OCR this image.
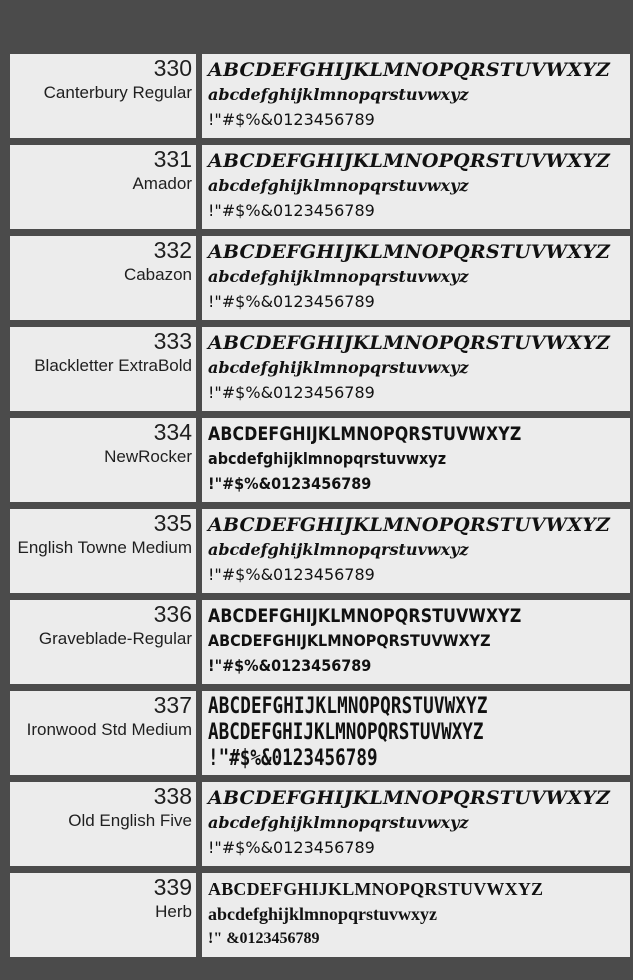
330
Canterbury Regular
ABCDEFGHIJKLMNOPQRSTUVWXYZ
abcdefghijklmnopqrstuvwxyz
!"#$%&0123456789
331
Amador
ABCDEFGHIJKLMNOPQRSTUVWXYZ
abcdefghijklmnopqrstuvwxyz
!"#$%&0123456789
332
Cabazon
ABCDEFGHIJKLMNOPQRSTUVWXYZ
abcdefghijklmnopqrstuvwxyz
!"#$%&0123456789
333
Blackletter ExtraBold
ABCDEFGHIJKLMNOPQRSTUVWXYZ
abcdefghijklmnopqrstuvwxyz
!"#$%&0123456789
334
NewRocker
ABCDEFGHIJKLMNOPQRSTUVWXYZ
abcdefghijklmnopqrstuvwxyz
!"#$%&0123456789
335
English Towne Medium
ABCDEFGHIJKLMNOPQRSTUVWXYZ
abcdefghijklmnopqrstuvwxyz
!"#$%&0123456789
336
Graveblade-Regular
ABCDEFGHIJKLMNOPQRSTUVWXYZ
ABCDEFGHIJKLMNOPQRSTUVWXYZ
!"#$%&0123456789
337
Ironwood Std Medium
ABCDEFGHIJKLMNOPQRSTUVWXYZ
ABCDEFGHIJKLMNOPQRSTUVWXYZ
!"#$%&0123456789
338
Old English Five
ABCDEFGHIJKLMNOPQRSTUVWXYZ
abcdefghijklmnopqrstuvwxyz
!"#$%&0123456789
339
Herb
ABCDEFGHIJKLMNOPQRSTUVWXYZ
abcdefghijklmnopqrstuvwxyz
!" &0123456789
